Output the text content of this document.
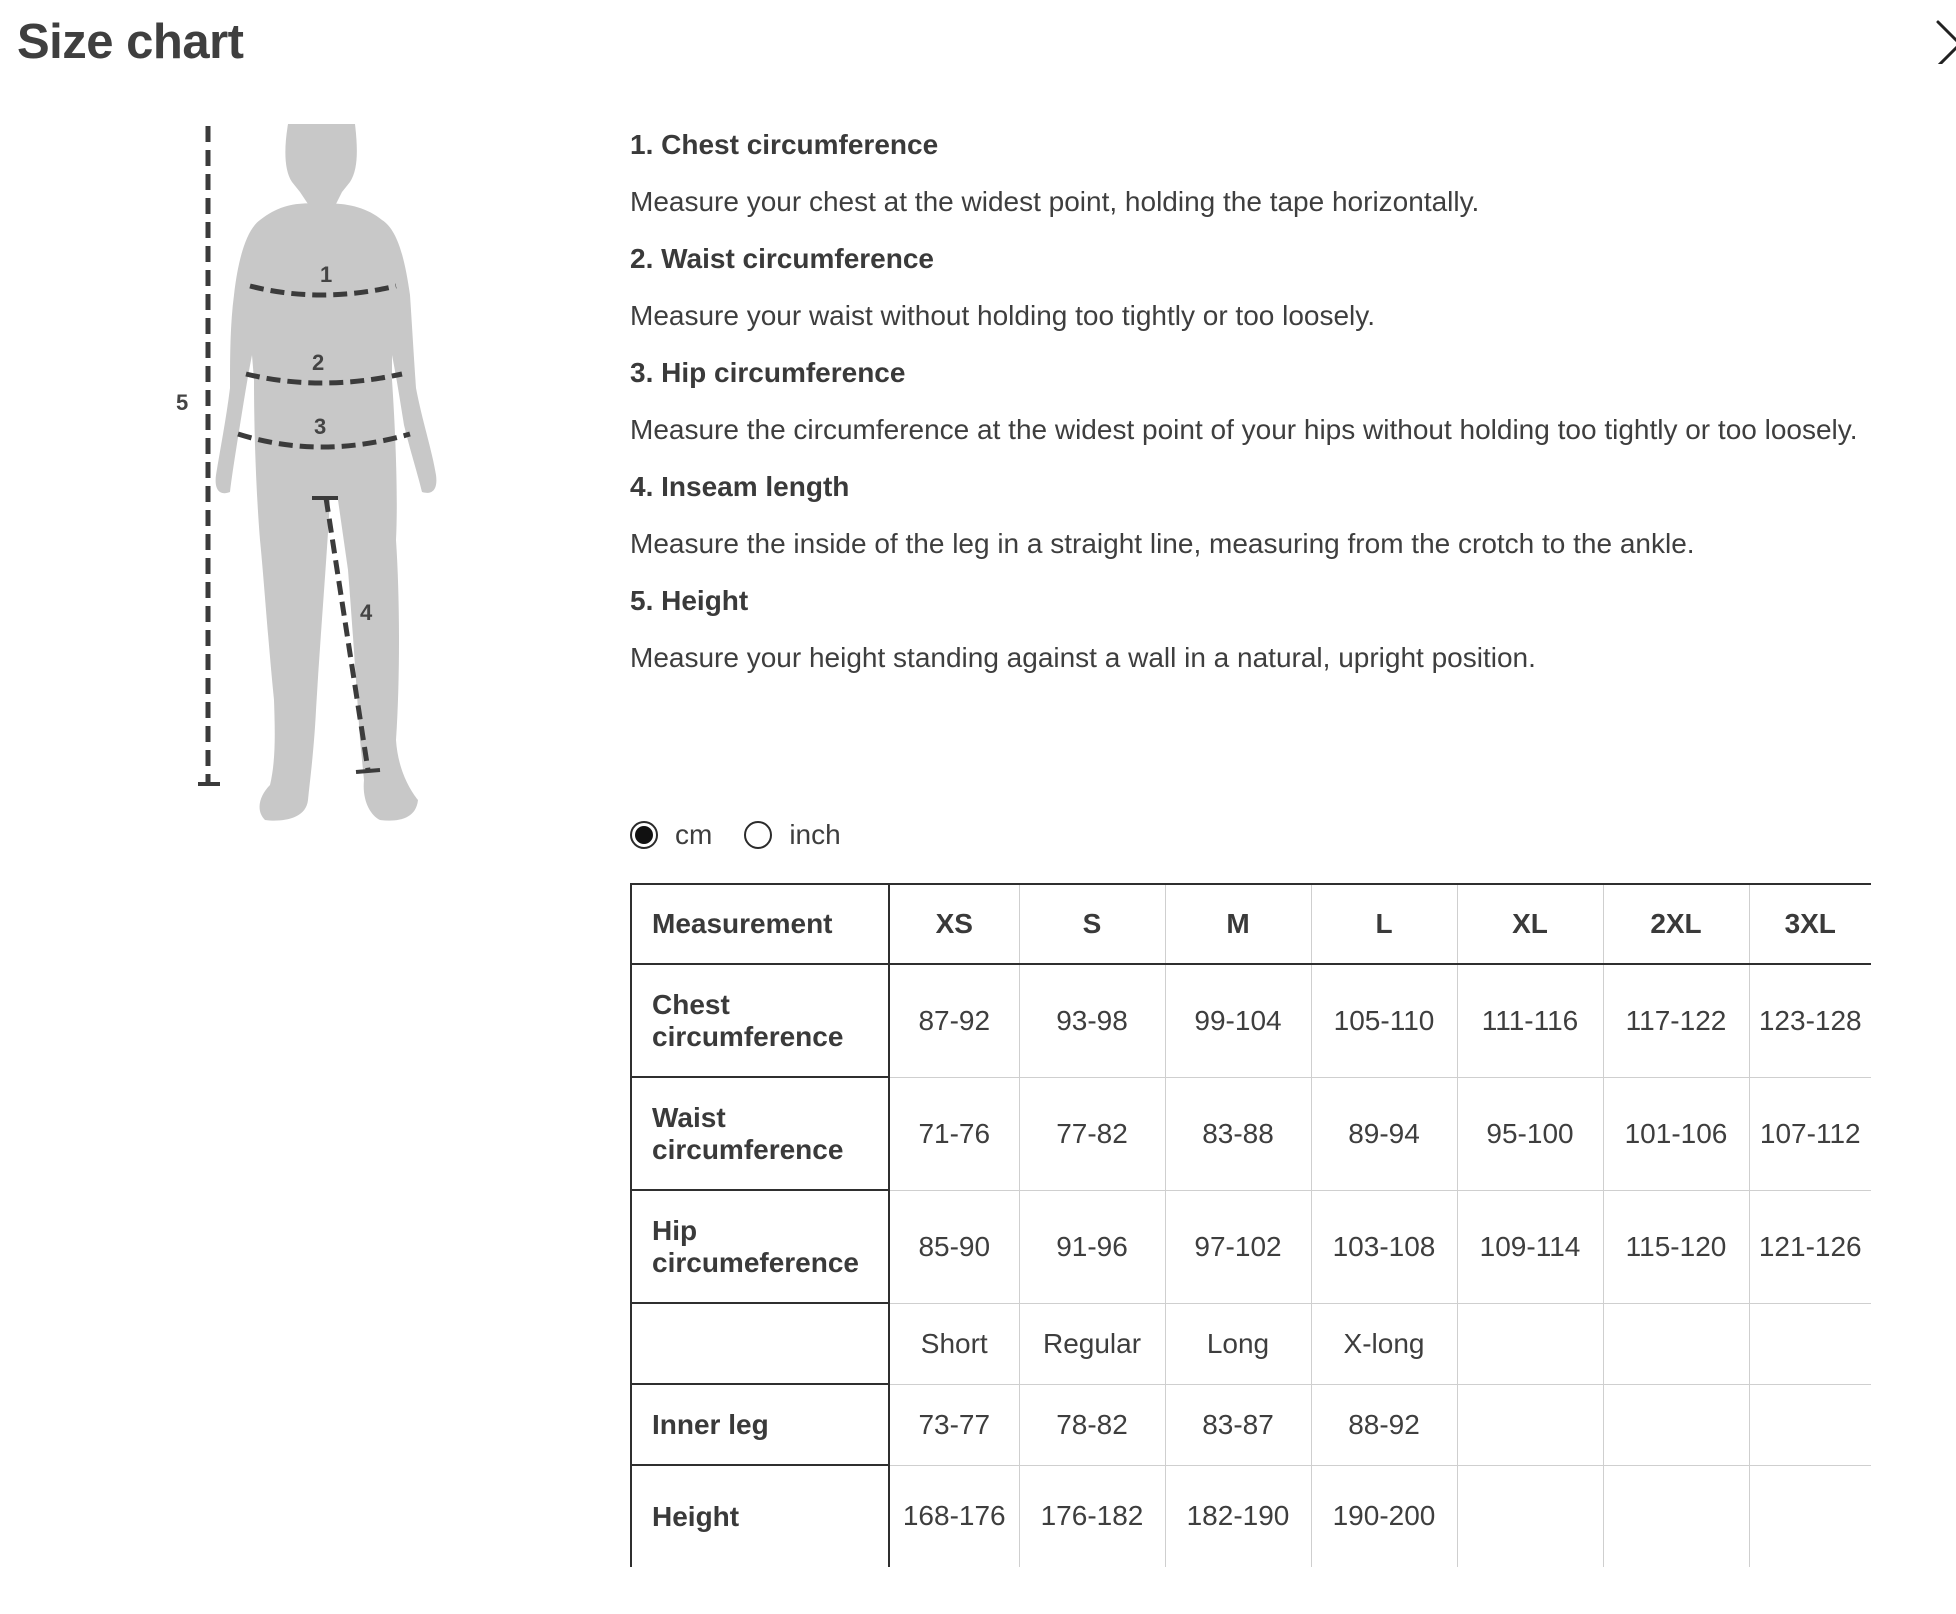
Size chart
1
2
3
4
5
1. Chest circumference
Measure your chest at the widest point, holding the tape horizontally.
2. Waist circumference
Measure your waist without holding too tightly or too loosely.
3. Hip circumference
Measure the circumference at the widest point of your hips without holding too tightly or too loosely.
4. Inseam length
Measure the inside of the leg in a straight line, measuring from the crotch to the ankle.
5. Height
Measure your height standing against a wall in a natural, upright position.
cm	inch
Measurement	XS	S	M	L	XL	2XL	3XL
Chest circumference	87-92	93-98	99-104	105-110	111-116	117-122	123-128
Waist circumference	71-76	77-82	83-88	89-94	95-100	101-106	107-112
Hip circumeference	85-90	91-96	97-102	103-108	109-114	115-120	121-126
	Short	Regular	Long	X-long			
Inner leg	73-77	78-82	83-87	88-92			
Height	168-176	176-182	182-190	190-200			
